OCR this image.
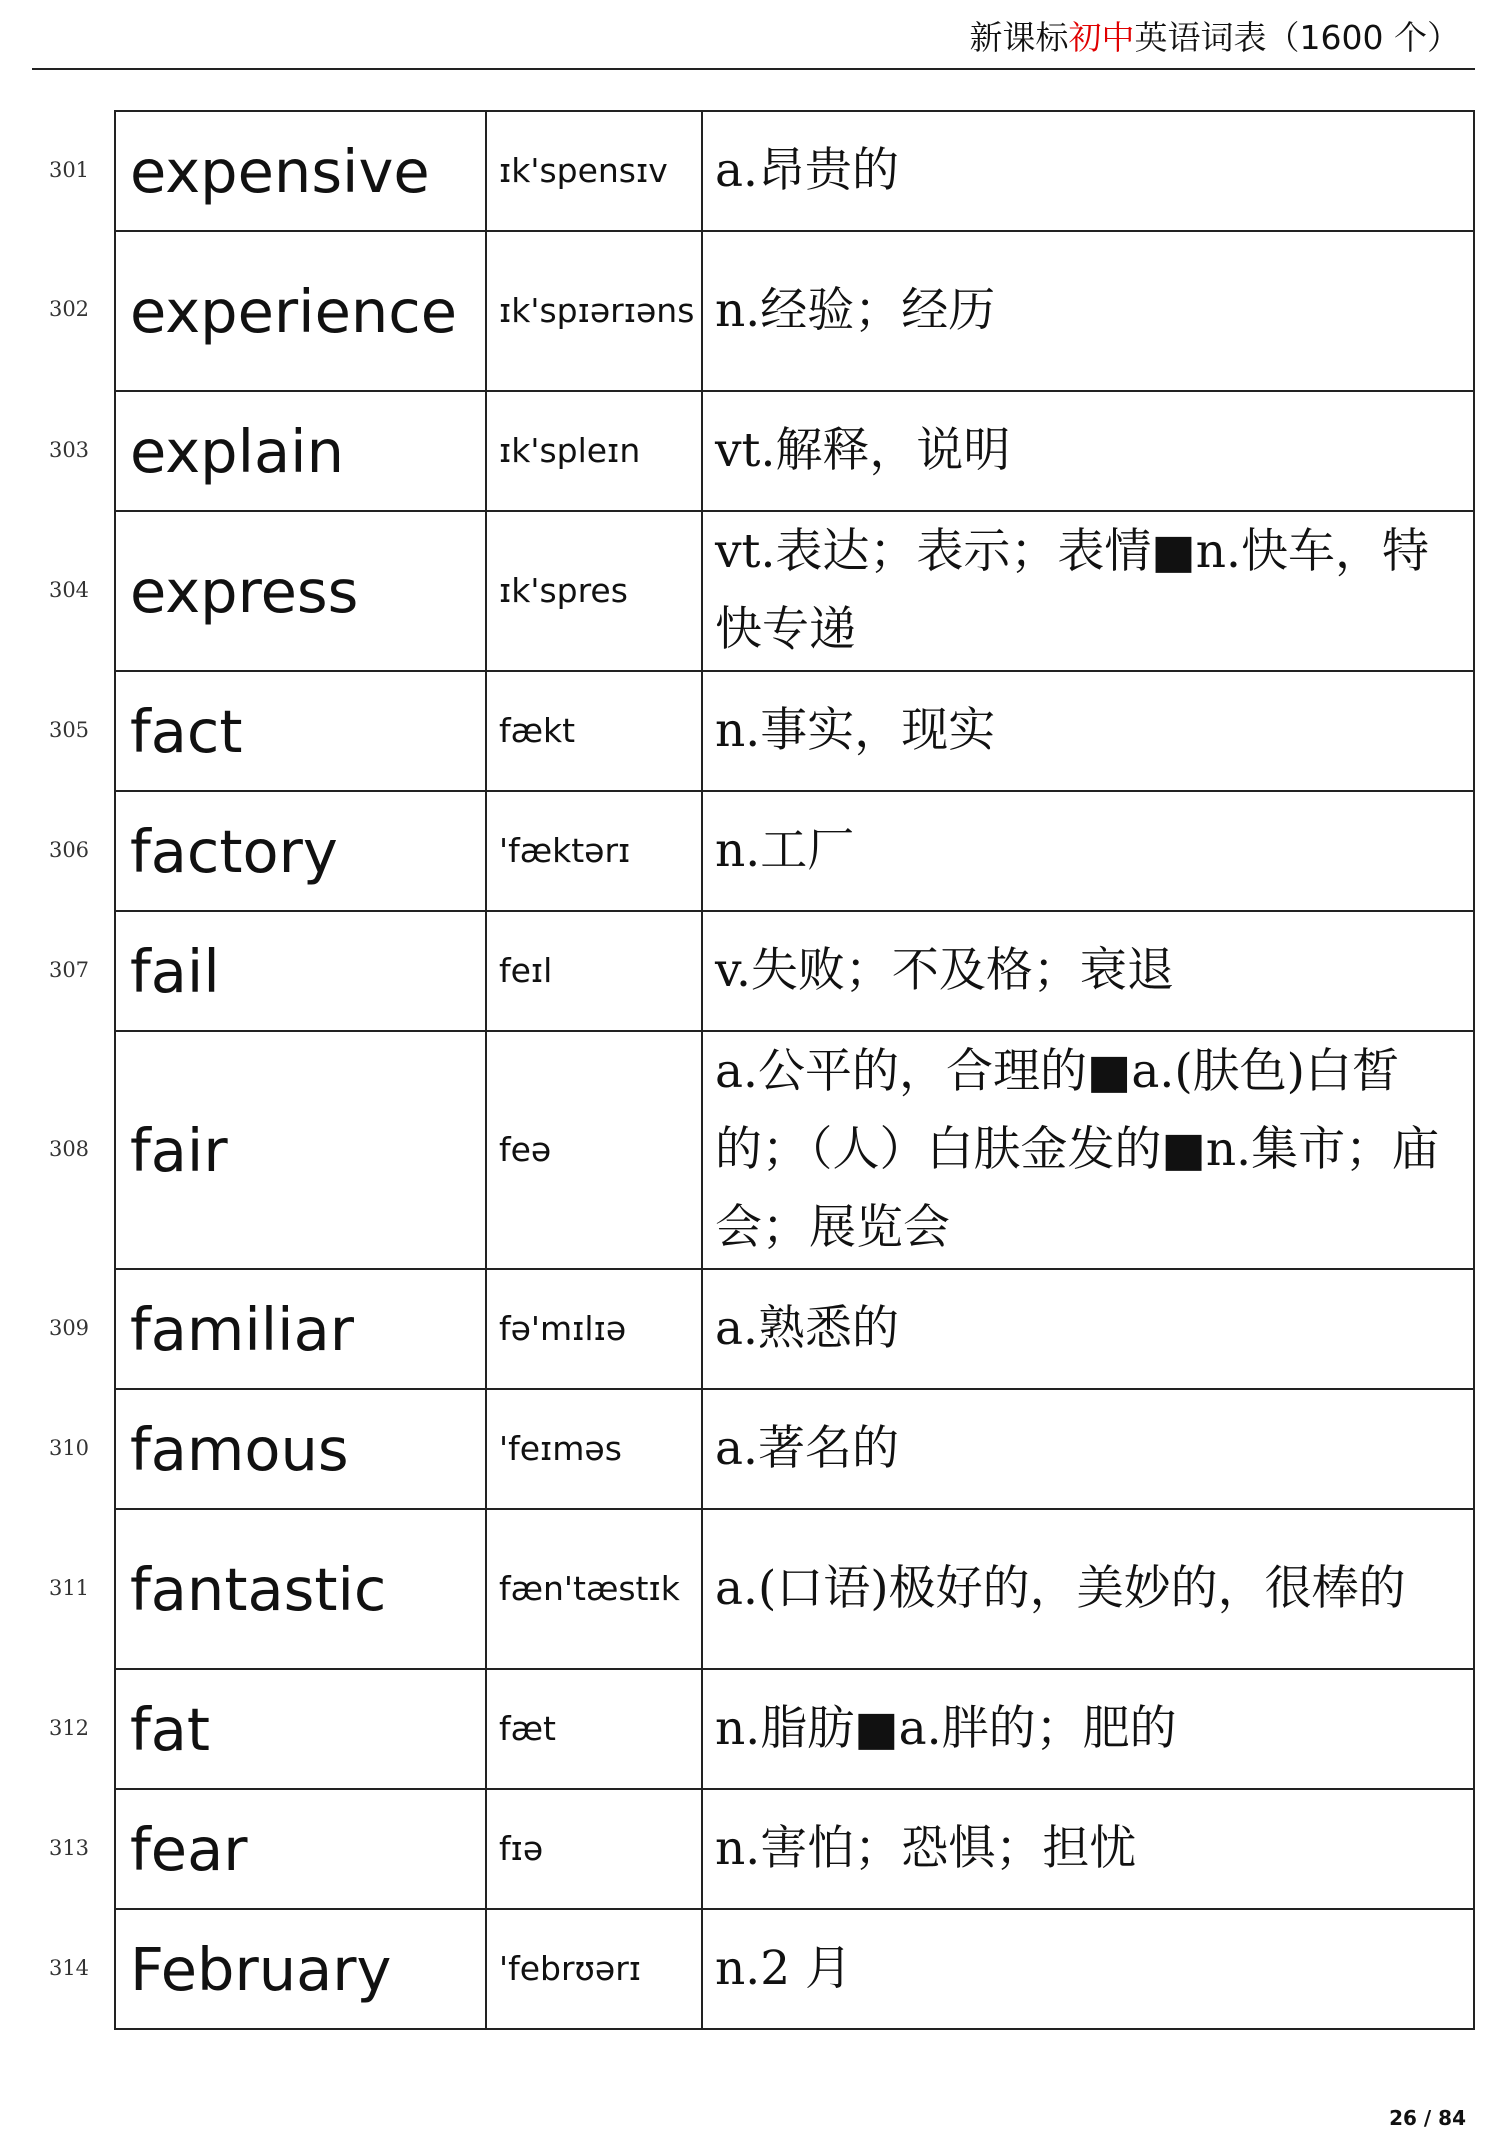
新课标初中英语词表（1600 个）
expensive	ɪk'spensɪv	a.昂贵的
experience	ɪk'spɪərɪəns	n.经验；经历
explain	ɪk'spleɪn	vt.解释，说明
express	ɪk'spres	vt.表达；表示；表情■n.快车，特快专递
fact	fækt	n.事实，现实
factory	'fæktərɪ	n.工厂
fail	feɪl	v.失败；不及格；衰退
fair	feə	a.公平的，合理的■a.(肤色)白皙的；（人）白肤金发的■n.集市；庙会；展览会
familiar	fə'mɪlɪə	a.熟悉的
famous	'feɪməs	a.著名的
fantastic	fæn'tæstɪk	a.(口语)极好的，美妙的，很棒的
fat	fæt	n.脂肪■a.胖的；肥的
fear	fɪə	n.害怕；恐惧；担忧
February	'febrʊərɪ	n.2 月
301
302
303
304
305
306
307
308
309
310
311
312
313
314
26 / 84
